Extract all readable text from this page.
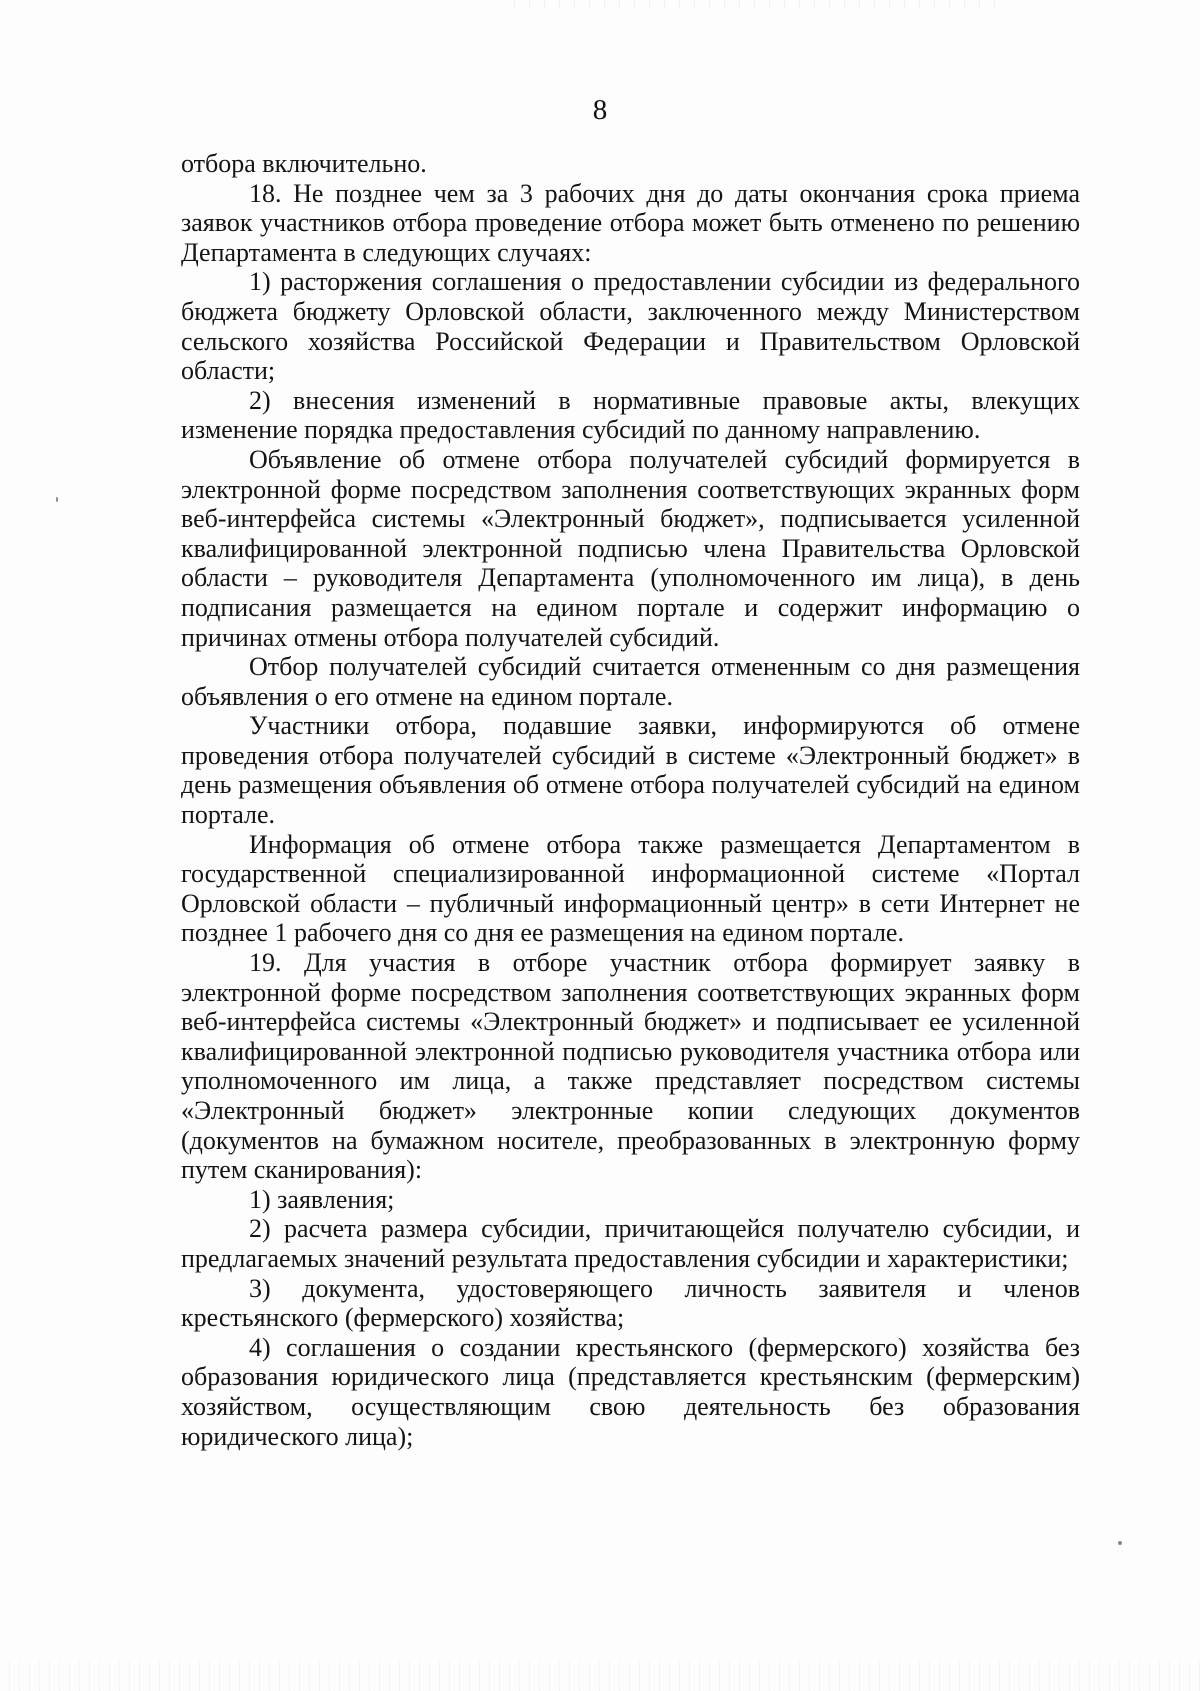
8

отбора включительно.

18. Не позднее чем за 3 рабочих дня до даты окончания срока приема заявок участников отбора проведение отбора может быть отменено по решению Департамента в следующих случаях:

1) расторжения соглашения о предоставлении субсидии из федерального бюджета бюджету Орловской области, заключенного между Министерством сельского хозяйства Российской Федерации и Правительством Орловской области;

2) внесения изменений в нормативные правовые акты, влекущих изменение порядка предоставления субсидий по данному направлению.

Объявление об отмене отбора получателей субсидий формируется в электронной форме посредством заполнения соответствующих экранных форм веб-интерфейса системы «Электронный бюджет», подписывается усиленной квалифицированной электронной подписью члена Правительства Орловской области – руководителя Департамента (уполномоченного им лица), в день подписания размещается на едином портале и содержит информацию о причинах отмены отбора получателей субсидий.

Отбор получателей субсидий считается отмененным со дня размещения объявления о его отмене на едином портале.

Участники отбора, подавшие заявки, информируются об отмене проведения отбора получателей субсидий в системе «Электронный бюджет» в день размещения объявления об отмене отбора получателей субсидий на едином портале.

Информация об отмене отбора также размещается Департаментом в государственной специализированной информационной системе «Портал Орловской области – публичный информационный центр» в сети Интернет не позднее 1 рабочего дня со дня ее размещения на едином портале.

19. Для участия в отборе участник отбора формирует заявку в электронной форме посредством заполнения соответствующих экранных форм веб-интерфейса системы «Электронный бюджет» и подписывает ее усиленной квалифицированной электронной подписью руководителя участника отбора или уполномоченного им лица, а также представляет посредством системы «Электронный бюджет» электронные копии следующих документов (документов на бумажном носителе, преобразованных в электронную форму путем сканирования):

1) заявления;

2) расчета размера субсидии, причитающейся получателю субсидии, и предлагаемых значений результата предоставления субсидии и характеристики;

3) документа, удостоверяющего личность заявителя и членов крестьянского (фермерского) хозяйства;

4) соглашения о создании крестьянского (фермерского) хозяйства без образования юридического лица (представляется крестьянским (фермерским) хозяйством, осуществляющим свою деятельность без образования юридического лица);
